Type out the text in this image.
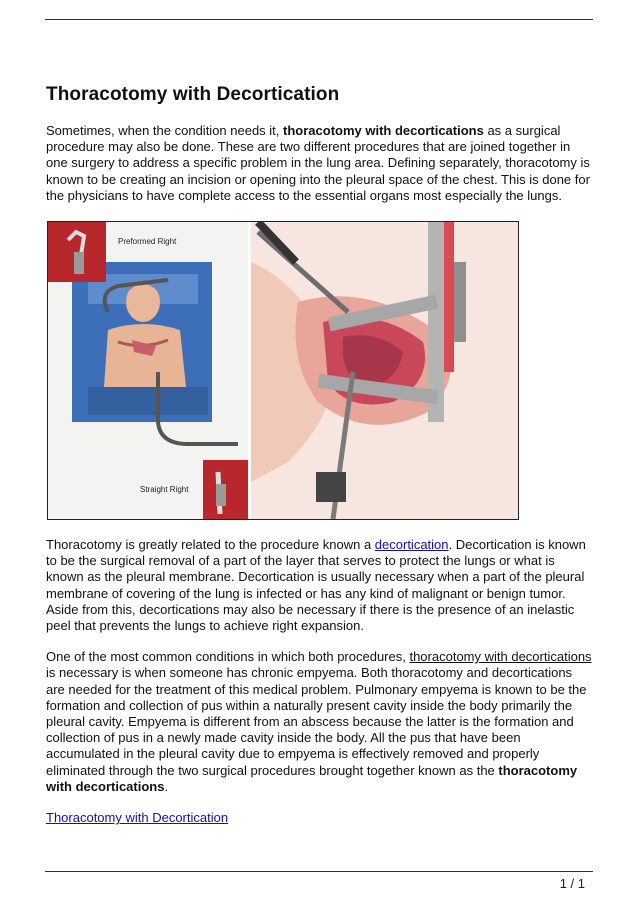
Thoracotomy with Decortication

Sometimes, when the condition needs it, thoracotomy with decortications as a surgical procedure may also be done. These are two different procedures that are joined together in one surgery to address a specific problem in the lung area. Defining separately, thoracotomy is known to be creating an incision or opening into the pleural space of the chest. This is done for the physicians to have complete access to the essential organs most especially the lungs.

Preformed Right
Straight Right

Thoracotomy is greatly related to the procedure known a decortication. Decortication is known to be the surgical removal of a part of the layer that serves to protect the lungs or what is known as the pleural membrane. Decortication is usually necessary when a part of the pleural membrane of covering of the lung is infected or has any kind of malignant or benign tumor. Aside from this, decortications may also be necessary if there is the presence of an inelastic peel that prevents the lungs to achieve right expansion.

One of the most common conditions in which both procedures, thoracotomy with decortications is necessary is when someone has chronic empyema. Both thoracotomy and decortications are needed for the treatment of this medical problem. Pulmonary empyema is known to be the formation and collection of pus within a naturally present cavity inside the body primarily the pleural cavity. Empyema is different from an abscess because the latter is the formation and collection of pus in a newly made cavity inside the body. All the pus that have been accumulated in the pleural cavity due to empyema is effectively removed and properly eliminated through the two surgical procedures brought together known as the thoracotomy with decortications.

Thoracotomy with Decortication

1 / 1
